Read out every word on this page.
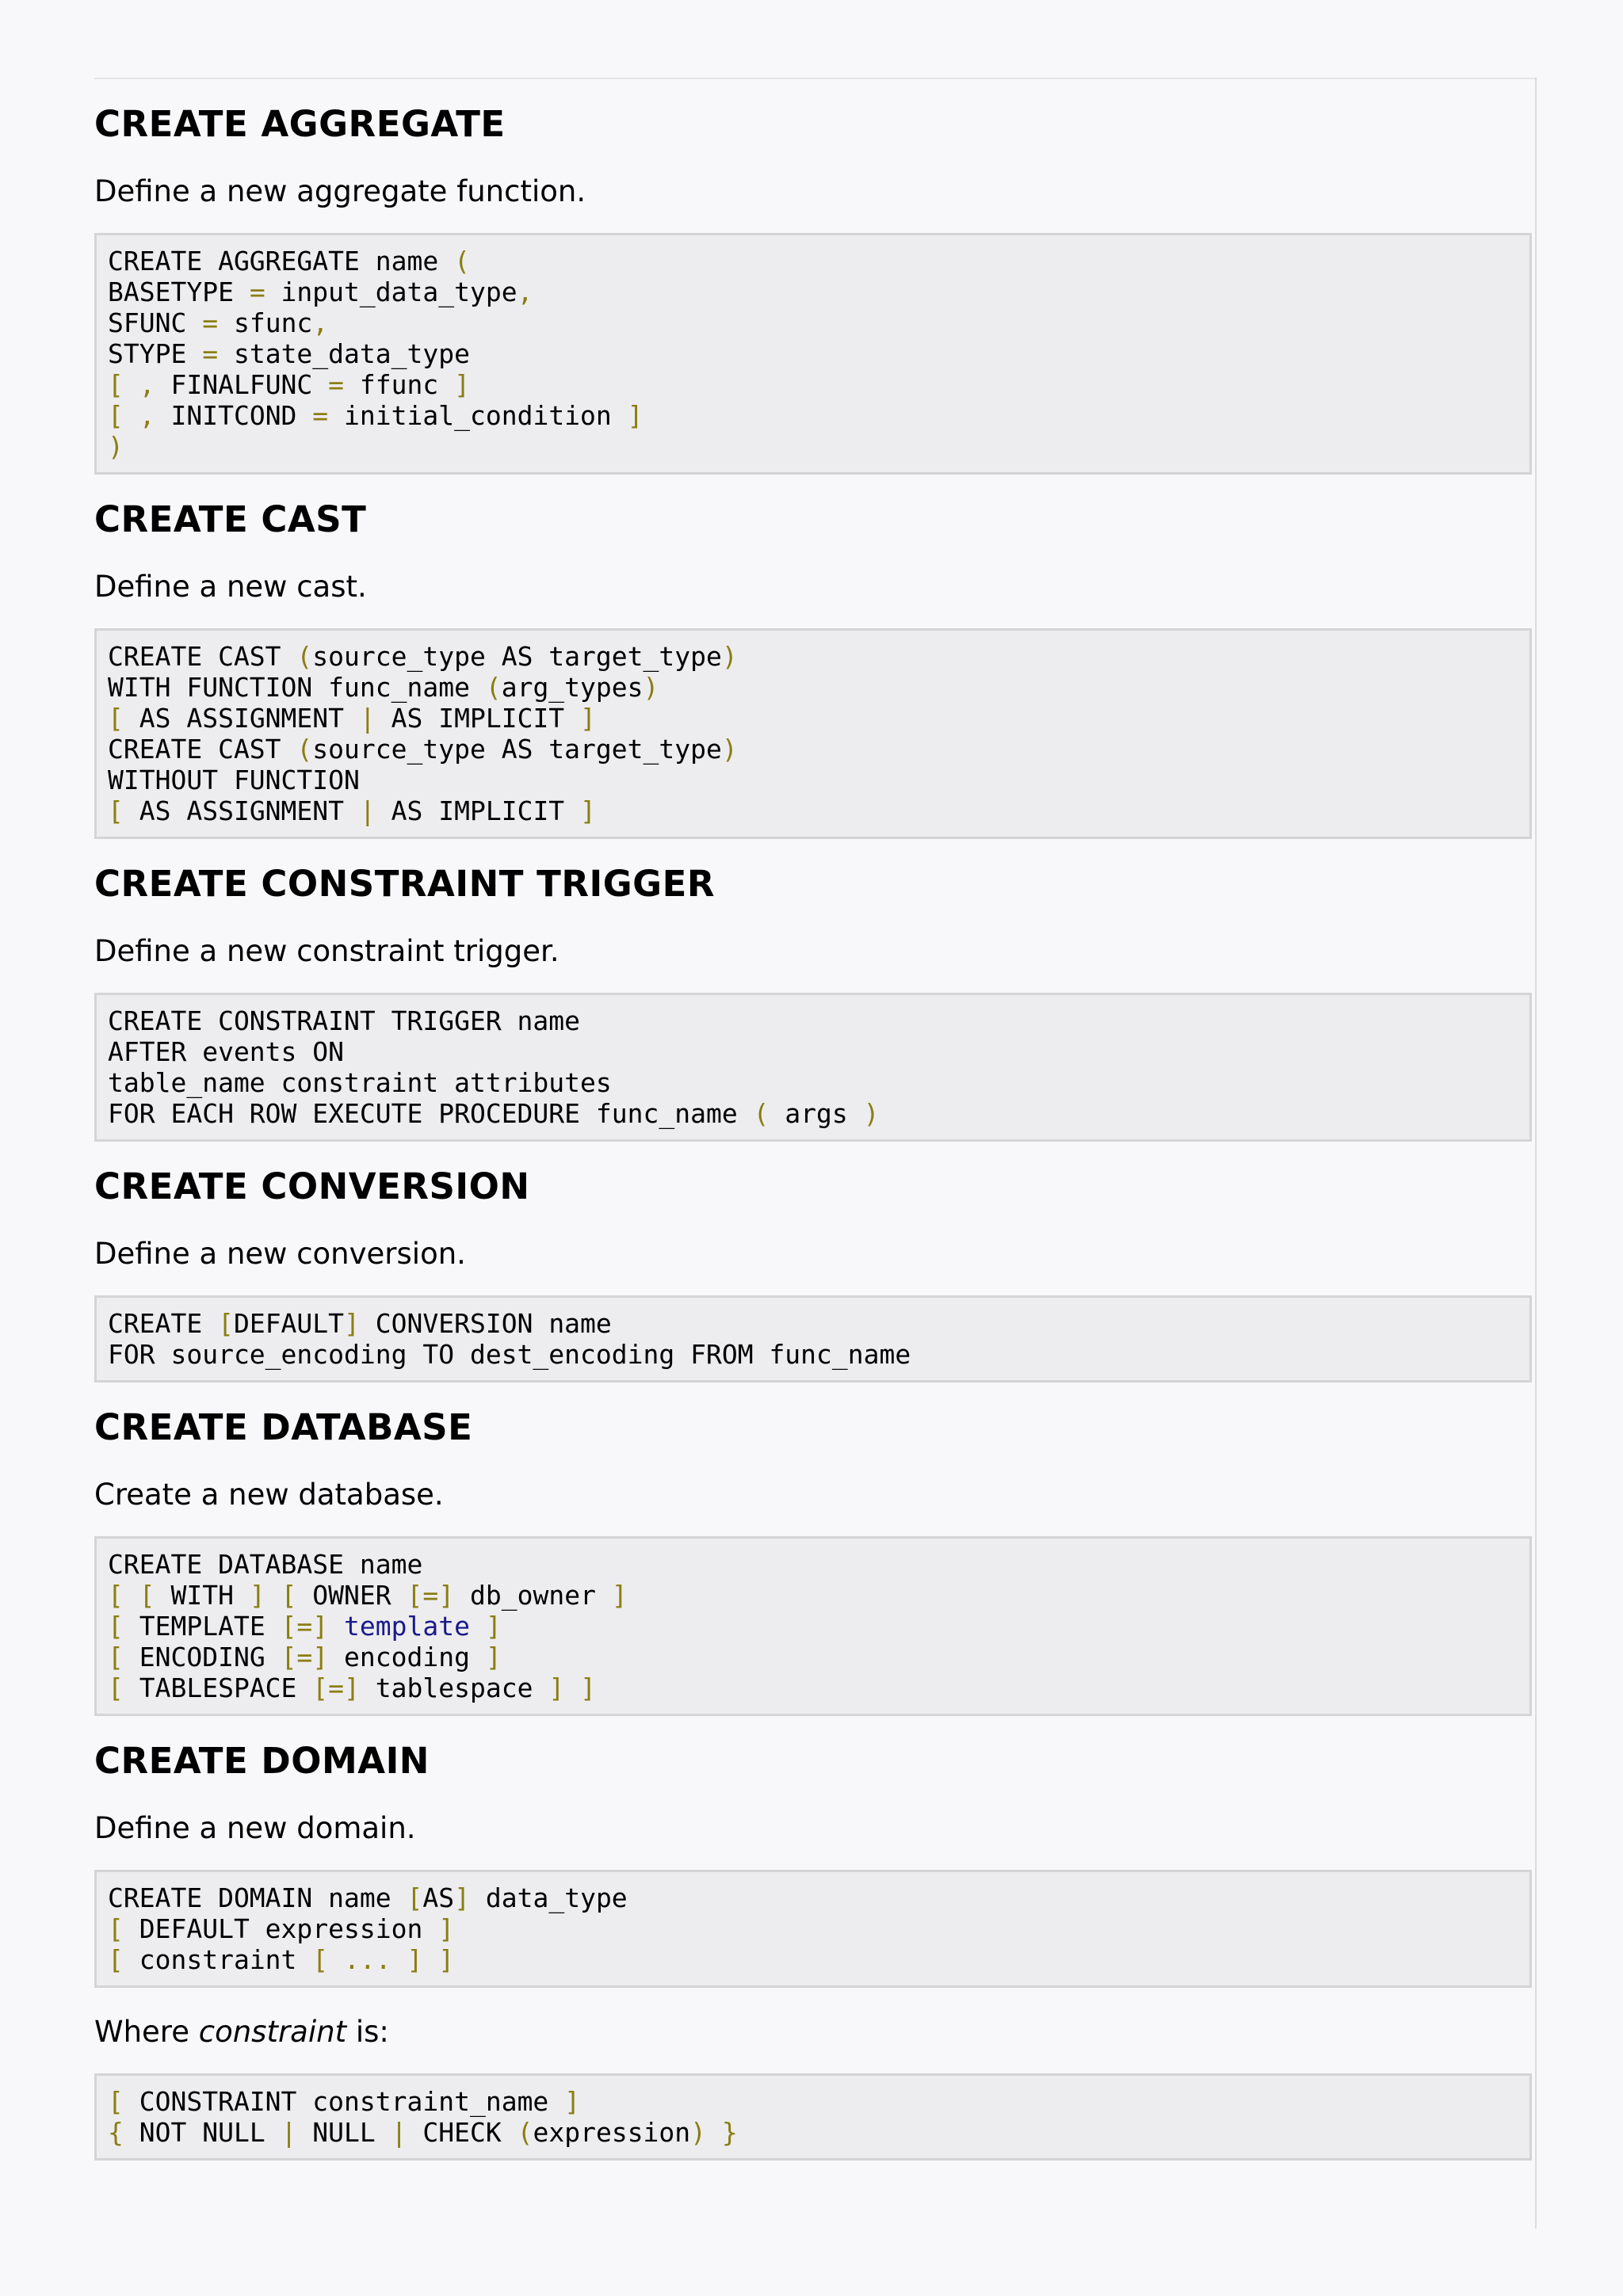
CREATE AGGREGATE

Define a new aggregate function.

CREATE AGGREGATE name (
BASETYPE = input_data_type,
SFUNC = sfunc,
STYPE = state_data_type
[ , FINALFUNC = ffunc ]
[ , INITCOND = initial_condition ]
)
CREATE CAST

Define a new cast.

CREATE CAST (source_type AS target_type)
WITH FUNCTION func_name (arg_types)
[ AS ASSIGNMENT | AS IMPLICIT ]
CREATE CAST (source_type AS target_type)
WITHOUT FUNCTION
[ AS ASSIGNMENT | AS IMPLICIT ]
CREATE CONSTRAINT TRIGGER

Define a new constraint trigger.

CREATE CONSTRAINT TRIGGER name
AFTER events ON
table_name constraint attributes
FOR EACH ROW EXECUTE PROCEDURE func_name ( args )
CREATE CONVERSION

Define a new conversion.

CREATE [DEFAULT] CONVERSION name
FOR source_encoding TO dest_encoding FROM func_name
CREATE DATABASE

Create a new database.

CREATE DATABASE name
[ [ WITH ] [ OWNER [=] db_owner ]
[ TEMPLATE [=] template ]
[ ENCODING [=] encoding ]
[ TABLESPACE [=] tablespace ] ]
CREATE DOMAIN

Define a new domain.

CREATE DOMAIN name [AS] data_type
[ DEFAULT expression ]
[ constraint [ ... ] ]

Where constraint is:

[ CONSTRAINT constraint_name ]
{ NOT NULL | NULL | CHECK (expression) }
